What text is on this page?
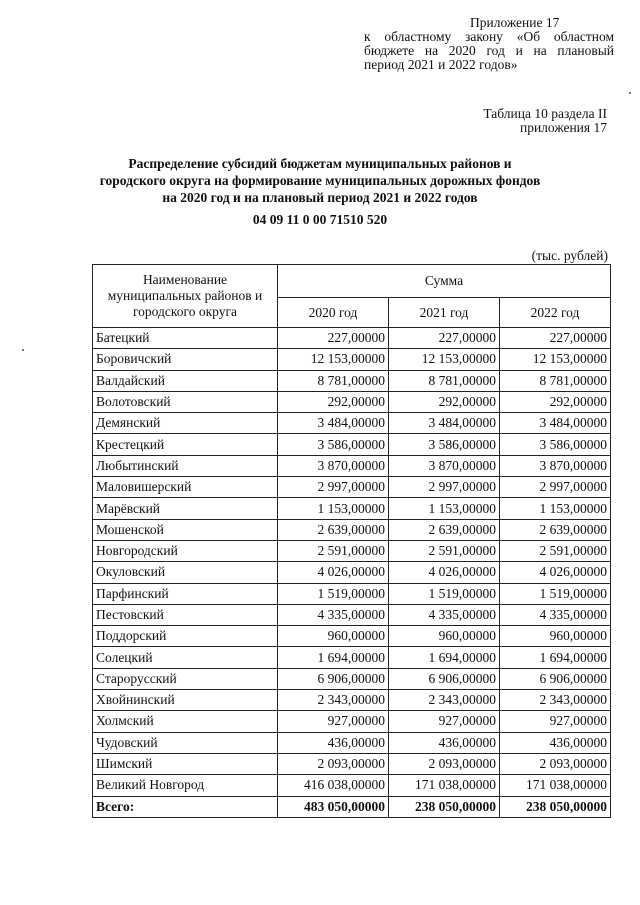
Приложение 17
к областному закону «Об областном
бюджете на 2020 год и на плановый
период 2021 и 2022 годов»
Таблица 10 раздела II
приложения 17
Распределение субсидий бюджетам муниципальных районов и
городского округа на формирование муниципальных дорожных фондов
на 2020 год и на плановый период 2021 и 2022 годов
04 09 11 0 00 71510 520
(тыс. рублей)
Наименование
муниципальных районов и
городского округа	Сумма		
	2020 год	2021 год	2022 год
Батецкий	227,00000	227,00000	227,00000
Боровичский	12 153,00000	12 153,00000	12 153,00000
Валдайский	8 781,00000	8 781,00000	8 781,00000
Волотовский	292,00000	292,00000	292,00000
Демянский	3 484,00000	3 484,00000	3 484,00000
Крестецкий	3 586,00000	3 586,00000	3 586,00000
Любытинский	3 870,00000	3 870,00000	3 870,00000
Маловишерский	2 997,00000	2 997,00000	2 997,00000
Марёвский	1 153,00000	1 153,00000	1 153,00000
Мошенской	2 639,00000	2 639,00000	2 639,00000
Новгородский	2 591,00000	2 591,00000	2 591,00000
Окуловский	4 026,00000	4 026,00000	4 026,00000
Парфинский	1 519,00000	1 519,00000	1 519,00000
Пестовский	4 335,00000	4 335,00000	4 335,00000
Поддорский	960,00000	960,00000	960,00000
Солецкий	1 694,00000	1 694,00000	1 694,00000
Старорусский	6 906,00000	6 906,00000	6 906,00000
Хвойнинский	2 343,00000	2 343,00000	2 343,00000
Холмский	927,00000	927,00000	927,00000
Чудовский	436,00000	436,00000	436,00000
Шимский	2 093,00000	2 093,00000	2 093,00000
Великий Новгород	416 038,00000	171 038,00000	171 038,00000
Всего:	483 050,00000	238 050,00000	238 050,00000
